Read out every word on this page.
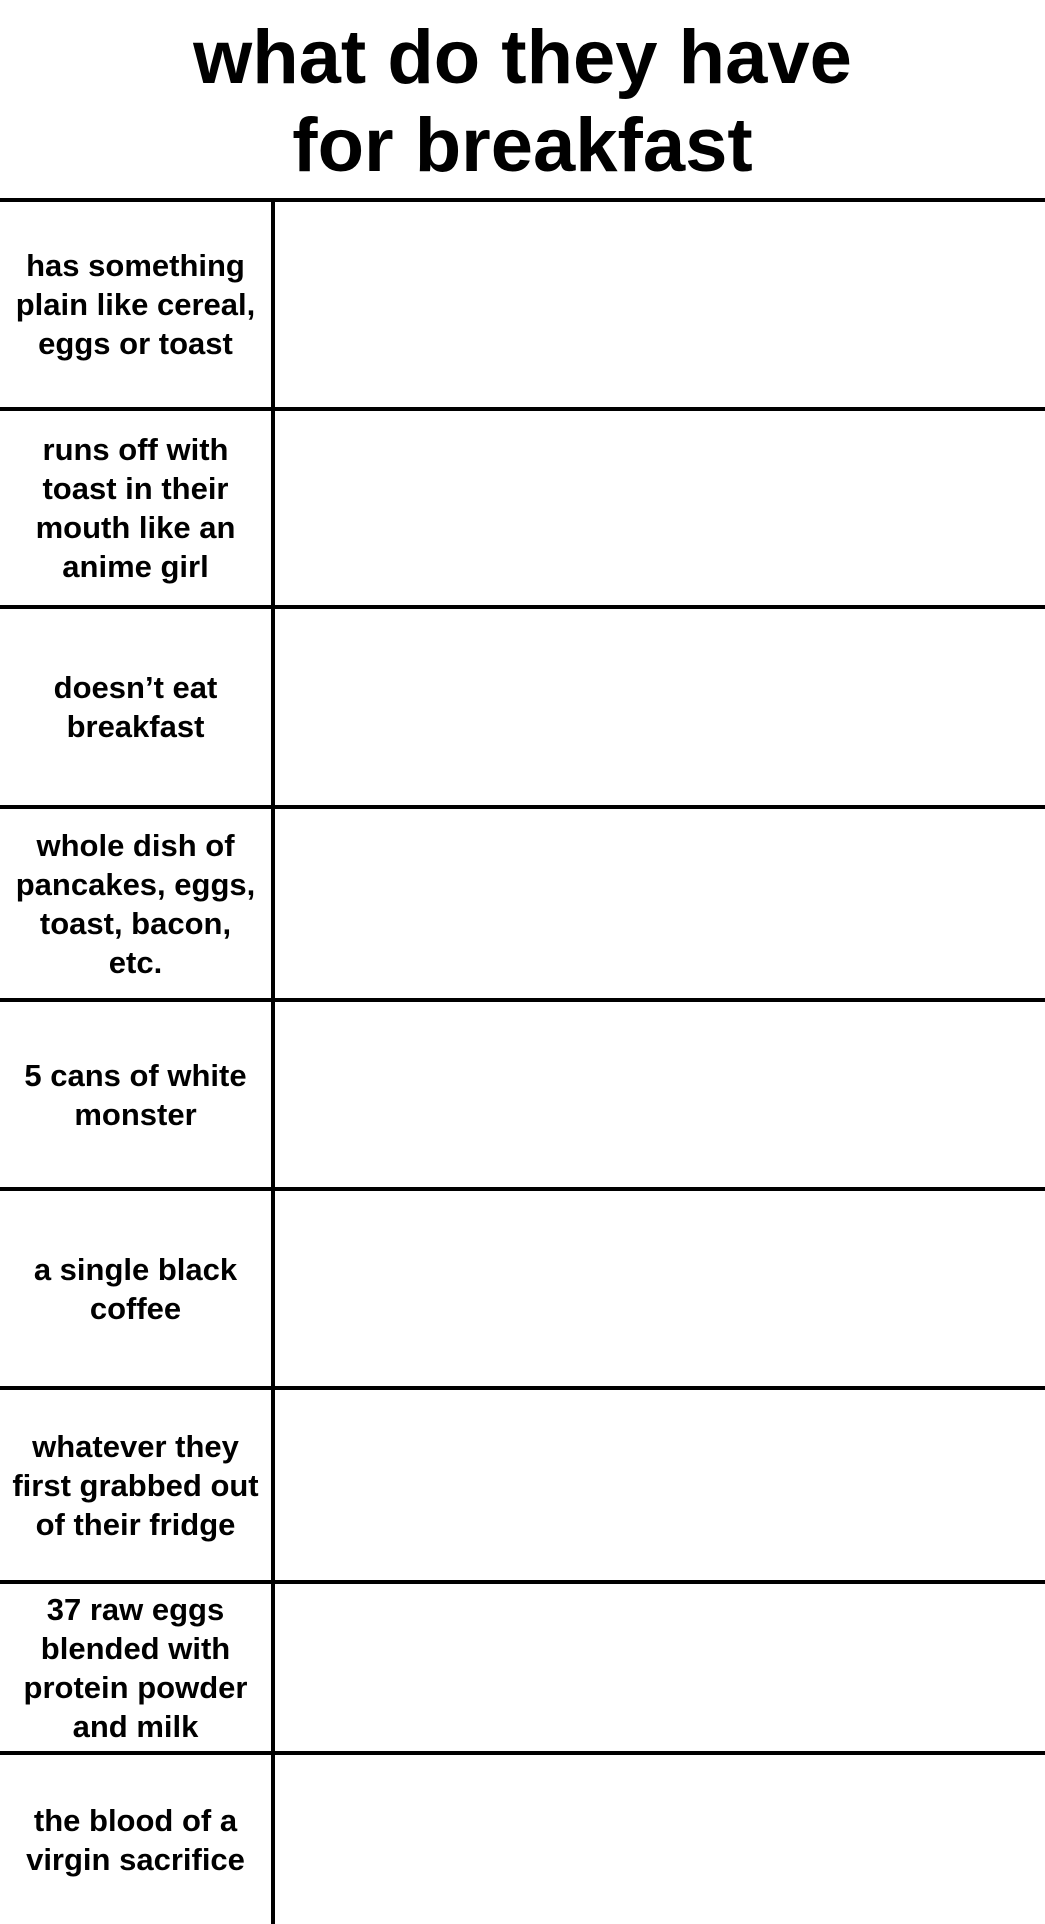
what do they have
for breakfast
has something plain like cereal, eggs or toast
runs off with toast in their mouth like an anime girl
doesn’t eat breakfast
whole dish of pancakes, eggs, toast, bacon, etc.
5 cans of white monster
a single black coffee
whatever they first grabbed out of their fridge
37 raw eggs blended with protein powder and milk
the blood of a virgin sacrifice
